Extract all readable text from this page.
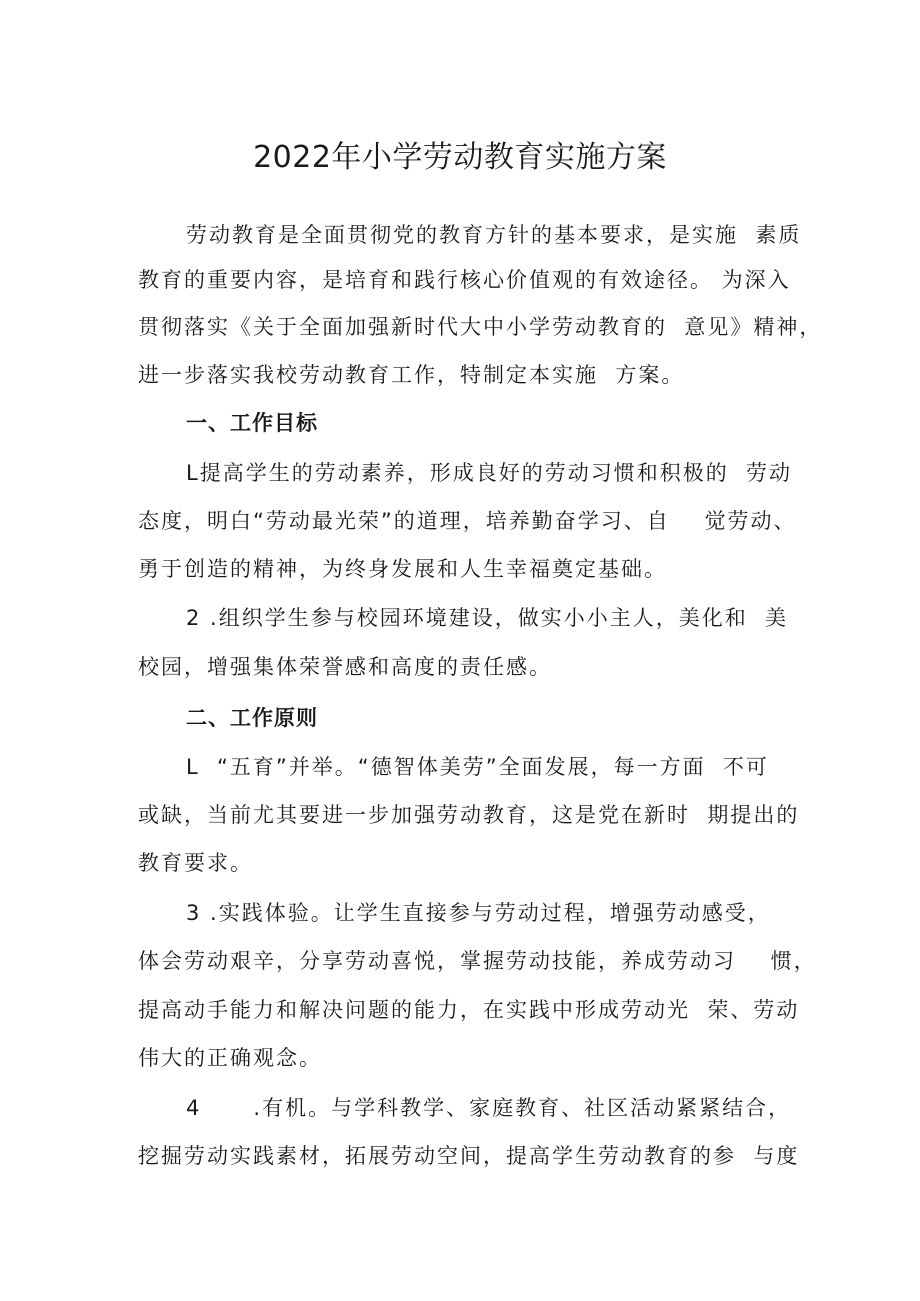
2022年小学劳动教育实施方案
劳动教育是全面贯彻党的教育方针的基本要求，是实施  素质
教育的重要内容，是培育和践行核心价值观的有效途径。 为深入
贯彻落实《关于全面加强新时代大中小学劳动教育的  意见》精神，
进一步落实我校劳动教育工作，特制定本实施  方案。
一、工作目标
L提高学生的劳动素养，形成良好的劳动习惯和积极的  劳动
态度，明白“劳动最光荣”的道理，培养勤奋学习、自    觉劳动、
勇于创造的精神，为终身发展和人生幸福奠定基础。
2 .组织学生参与校园环境建设，做实小小主人，美化和  美
校园，增强集体荣誉感和高度的责任感。
二、工作原则
L  “五育”并举。“德智体美劳”全面发展，每一方面  不可
或缺，当前尤其要进一步加强劳动教育，这是党在新时  期提出的
教育要求。
3 .实践体验。让学生直接参与劳动过程，增强劳动感受，
体会劳动艰辛，分享劳动喜悦，掌握劳动技能，养成劳动习    惯，
提高动手能力和解决问题的能力，在实践中形成劳动光  荣、劳动
伟大的正确观念。
4      .有机。与学科教学、家庭教育、社区活动紧紧结合，
挖掘劳动实践素材，拓展劳动空间，提高学生劳动教育的参  与度
